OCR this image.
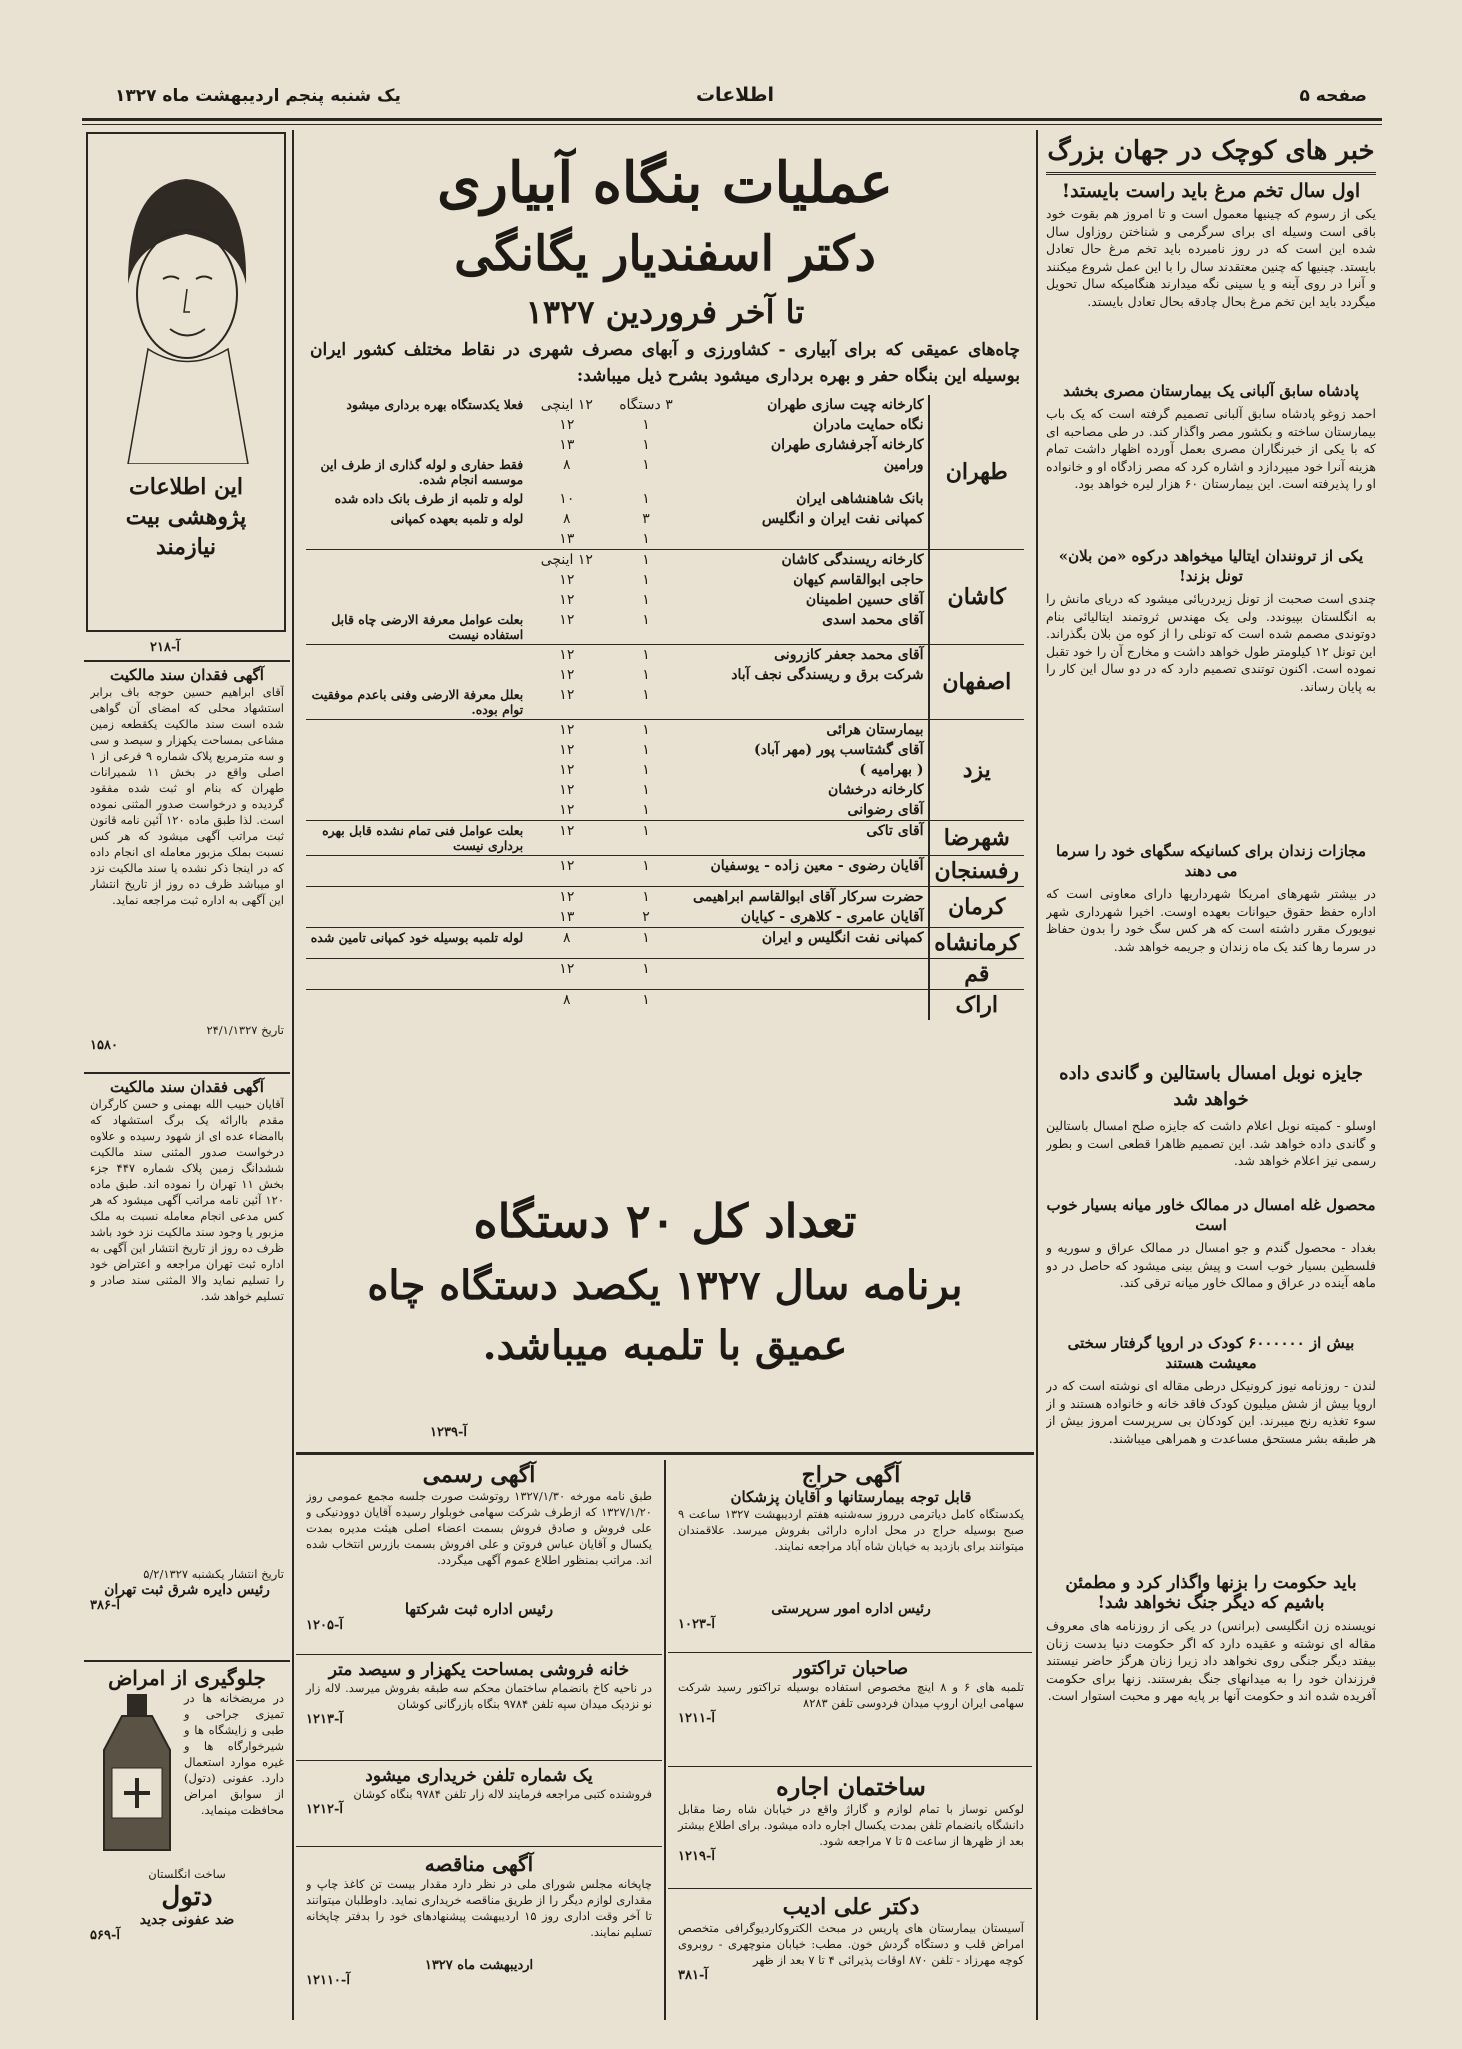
صفحه ۵
اطلاعات
یک شنبه پنجم اردیبهشت ماه ۱۳۲۷
خبر های کوچک در جهان بزرگ
اول سال تخم مرغ باید راست بایستد!
یکی از رسوم که چینیها معمول است و تا امروز هم بقوت خود باقی است وسیله ای برای سرگرمی و شناختن روزاول سال شده این است که در روز نامبرده باید تخم مرغ حال تعادل بایستد. چینیها که چنین معتقدند سال را با این عمل شروع میکنند و آنرا در روی آینه و یا سینی نگه میدارند هنگامیکه سال تحویل میگردد باید این تخم مرغ بحال چادقه بحال تعادل بایستد.
پادشاه سابق آلبانی یک بیمارستان مصری بخشد
احمد زوغو پادشاه سابق آلبانی تصمیم گرفته است که یک باب بیمارستان ساخته و بکشور مصر واگذار کند. در طی مصاحبه ای که با یکی از خبرنگاران مصری بعمل آورده اظهار داشت تمام هزینه آنرا خود میپردازد و اشاره کرد که مصر زادگاه او و خانواده او را پذیرفته است. این بیمارستان ۶۰ هزار لیره خواهد بود.
یکی از ترونندان ایتالیا میخواهد درکوه «من بلان» تونل بزند!
چندی است صحبت از تونل زیردریائی میشود که دریای مانش را به انگلستان بپیوندد. ولی یک مهندس ثروتمند ایتالیائی بنام دوتوندی مصمم شده است که تونلی را از کوه من بلان بگذراند. این تونل ۱۲ کیلومتر طول خواهد داشت و مخارج آن را خود تقبل نموده است. اکنون توتندی تصمیم دارد که در دو سال این کار را به پایان رساند.
مجازات زندان برای کسانیکه سگهای خود را سرما می دهند
در بیشتر شهرهای امریکا شهرداریها دارای معاونی است که اداره حفظ حقوق حیوانات بعهده اوست. اخیرا شهرداری شهر نیویورک مقرر داشته است که هر کس سگ خود را بدون حفاظ در سرما رها کند یک ماه زندان و جریمه خواهد شد.
جایزه نوبل امسال باستالین و گاندی داده خواهد شد
اوسلو - کمیته نوبل اعلام داشت که جایزه صلح امسال باستالین و گاندی داده خواهد شد. این تصمیم ظاهرا قطعی است و بطور رسمی نیز اعلام خواهد شد.
محصول غله امسال در ممالک خاور میانه بسیار خوب است
بغداد - محصول گندم و جو امسال در ممالک عراق و سوریه و فلسطین بسیار خوب است و پیش بینی میشود که حاصل در دو ماهه آینده در عراق و ممالک خاور میانه ترقی کند.
بیش از ۶۰۰۰۰۰۰ کودک در اروپا گرفتار سختی معیشت هستند
لندن - روزنامه نیوز کرونیکل درطی مقاله ای نوشته است که در اروپا بیش از شش میلیون کودک فاقد خانه و خانواده هستند و از سوء تغذیه رنج میبرند. این کودکان بی سرپرست امروز بیش از هر طبقه بشر مستحق مساعدت و همراهی میباشند.
باید حکومت را بزنها واگذار کرد و مطمئن باشیم که دیگر جنگ نخواهد شد!
نویسنده زن انگلیسی (برانس) در یکی از روزنامه های معروف مقاله ای نوشته و عقیده دارد که اگر حکومت دنیا بدست زنان بیفتد دیگر جنگی روی نخواهد داد زیرا زنان هرگز حاضر نیستند فرزندان خود را به میدانهای جنگ بفرستند. زنها برای حکومت آفریده شده اند و حکومت آنها بر پایه مهر و محبت استوار است.
عملیات بنگاه آبیاری
دکتر اسفندیار یگانگی
تا آخر فروردین ۱۳۲۷
چاه‌های عمیقی که برای آبیاری - کشاورزی و آبهای مصرف شهری در نقاط مختلف کشور ایران بوسیله این بنگاه حفر و بهره برداری میشود بشرح ذیل میباشد:
طهران	کارخانه چیت سازی طهران	۳ دستگاه	۱۲ اینچی	فعلا یکدستگاه بهره برداری میشود
	نگاه حمایت مادران	۱	۱۲	
	کارخانه آجرفشاری طهران	۱	۱۳	
	ورامین	۱	۸	فقط حفاری و لوله گذاری از طرف این موسسه انجام شده.
	بانک شاهنشاهی ایران	۱	۱۰	لوله و تلمبه از طرف بانک داده شده
	کمپانی نفت ایران و انگلیس	۳	۸	لوله و تلمبه بعهده کمپانی
		۱	۱۳	
کاشان	کارخانه ریسندگی کاشان	۱	۱۲ اینچی	
	حاجی ابوالقاسم کیهان	۱	۱۲	
	آقای حسین اطمینان	۱	۱۲	
	آقای محمد اسدی	۱	۱۲	بعلت عوامل معرفة الارضی چاه قابل استفاده نیست
اصفهان	آقای محمد جعفر کازرونی	۱	۱۲	
	شرکت برق و ریسندگی نجف آباد	۱	۱۲	
		۱	۱۲	بعلل معرفة الارضی وفنی باعدم موفقیت توام بوده.
یزد	بیمارستان هرائی	۱	۱۲	
	آقای گشتاسب پور (مهر آباد)	۱	۱۲	
	( بهرامیه )	۱	۱۲	
	کارخانه درخشان	۱	۱۲	
	آقای رضوانی	۱	۱۲	
شهرضا	آقای تاکی	۱	۱۲	بعلت عوامل فنی تمام نشده قابل بهره برداری نیست
رفسنجان	آقایان رضوی - معین زاده - یوسفیان	۱	۱۲	
کرمان	حضرت سرکار آقای ابوالقاسم ابراهیمی	۱	۱۲	
	آقایان عامری - کلاهری - کیایان	۲	۱۳	
کرمانشاه	کمپانی نفت انگلیس و ایران	۱	۸	لوله تلمبه بوسیله خود کمپانی تامین شده
قم		۱	۱۲	
اراک		۱	۸	
تعداد کل ۲۰ دستگاه
برنامه سال ۱۳۲۷ یکصد دستگاه چاه عمیق با تلمبه میباشد.
آ-۱۲۳۹
آگهی حراج
قابل توجه بیمارستانها و آقایان پزشکان
یکدستگاه کامل دیاترمی درروز سه‌شنبه هفتم اردیبهشت ۱۳۲۷ ساعت ۹ صبح بوسیله حراج در محل اداره دارائی بفروش میرسد. علاقمندان میتوانند برای بازدید به خیابان شاه آباد مراجعه نمایند.
رئیس اداره امور سرپرستی
آ-۱۰۲۳
صاحبان تراکتور
تلمبه های ۶ و ۸ اینچ مخصوص استفاده بوسیله تراکتور رسید شرکت سهامی ایران اروپ میدان فردوسی تلفن ۸۲۸۳
آ-۱۲۱۱
ساختمان اجاره
لوکس نوساز با تمام لوازم و گاراژ واقع در خیابان شاه رضا مقابل دانشگاه بانضمام تلفن بمدت یکسال اجاره داده میشود. برای اطلاع بیشتر بعد از ظهرها از ساعت ۵ تا ۷ مراجعه شود.
آ-۱۲۱۹
دکتر علی ادیب
آسیستان بیمارستان های پاریس در مبحث الکتروکاردیوگرافی متخصص امراض قلب و دستگاه گردش خون. مطب: خیابان منوچهری - روبروی کوچه مهرزاد - تلفن ۸۷۰ اوقات پذیرائی ۴ تا ۷ بعد از ظهر
آ-۳۸۱
آگهی رسمی
طبق نامه مورخه ۱۳۲۷/۱/۳۰ روتوشت صورت جلسه مجمع عمومی روز ۱۳۲۷/۱/۲۰ که ازطرف شرکت سهامی خوبلوار رسیده آقایان دوودنیکی و علی فروش و صادق فروش بسمت اعضاء اصلی هیئت مدیره بمدت یکسال و آقایان عباس فروتن و علی افروش بسمت بازرس انتخاب شده اند. مراتب بمنظور اطلاع عموم آگهی میگردد.
رئیس اداره ثبت شرکتها
آ-۱۲۰۵
خانه فروشی بمساحت یکهزار و سیصد متر
در ناحیه کاخ بانضمام ساختمان محکم سه طبقه بفروش میرسد. لاله زار نو نزدیک میدان سپه تلفن ۹۷۸۴ بنگاه بازرگانی کوشان
آ-۱۲۱۳
یک شماره تلفن خریداری میشود
فروشنده کتبی مراجعه فرمایند لاله زار تلفن ۹۷۸۴ بنگاه کوشان
آ-۱۲۱۲
آگهی مناقصه
چاپخانه مجلس شورای ملی در نظر دارد مقدار بیست تن کاغذ چاپ و مقداری لوازم دیگر را از طریق مناقصه خریداری نماید. داوطلبان میتوانند تا آخر وقت اداری روز ۱۵ اردیبهشت پیشنهادهای خود را بدفتر چاپخانه تسلیم نمایند.
اردیبهشت ماه ۱۳۲۷
آ-۱۲۱۱۰
این اطلاعات پژوهشی بیت نیازمند
آ-۲۱۸
آگهی فقدان سند مالکیت
آقای ابراهیم حسین حوجه باف برابر استشهاد محلی که امضای آن گواهی شده است سند مالکیت یکقطعه زمین مشاعی بمساحت یکهزار و سیصد و سی و سه مترمربع پلاک شماره ۹ فرعی از ۱ اصلی واقع در بخش ۱۱ شمیرانات طهران که بنام او ثبت شده مفقود گردیده و درخواست صدور المثنی نموده است. لذا طبق ماده ۱۲۰ آئین نامه قانون ثبت مراتب آگهی میشود که هر کس نسبت بملک مزبور معامله ای انجام داده که در اینجا ذکر نشده یا سند مالکیت نزد او میباشد ظرف ده روز از تاریخ انتشار این آگهی به اداره ثبت مراجعه نماید.
تاریخ ۲۴/۱/۱۳۲۷
۱۵۸۰
آگهی فقدان سند مالکیت
آقایان حبیب الله بهمنی و حسن کارگران مقدم باارائه یک برگ استشهاد که باامضاء عده ای از شهود رسیده و علاوه درخواست صدور المثنی سند مالکیت ششدانگ زمین پلاک شماره ۴۴۷ جزء بخش ۱۱ تهران را نموده اند. طبق ماده ۱۲۰ آئین نامه مراتب آگهی میشود که هر کس مدعی انجام معامله نسبت به ملک مزبور یا وجود سند مالکیت نزد خود باشد ظرف ده روز از تاریخ انتشار این آگهی به اداره ثبت تهران مراجعه و اعتراض خود را تسلیم نماید والا المثنی سند صادر و تسلیم خواهد شد.
تاریخ انتشار یکشنبه ۵/۲/۱۳۲۷
رئیس دایره شرق ثبت تهران
آ-۳۸۶
جلوگیری از امراض
در مریضخانه ها در تمیزی جراحی و طبی و زایشگاه ها و شیرخوارگاه ها و غیره موارد استعمال دارد. عفونی (دتول) از سوابق امراض محافظت مینماید.
ساخت انگلستان
دتول
ضد عفونی جدید
آ-۵۶۹
